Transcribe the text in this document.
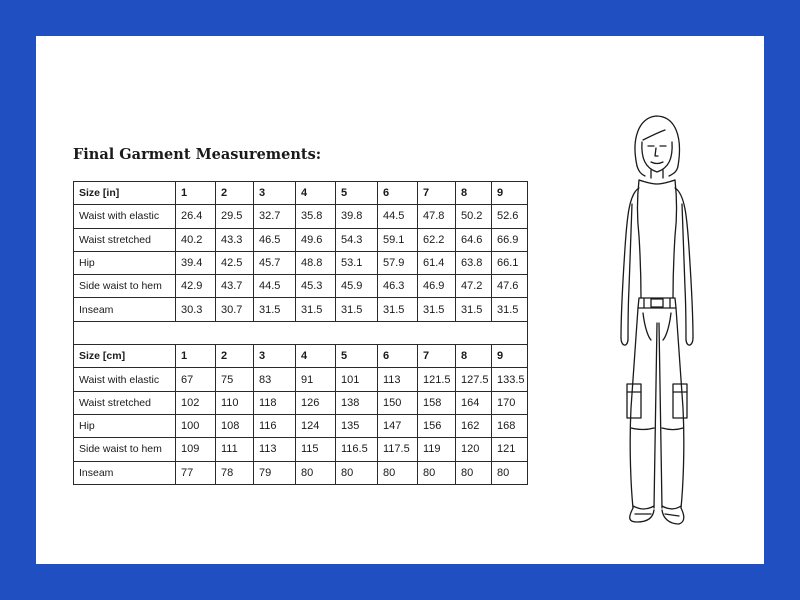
Final Garment Measurements:
Size [in]	1	2	3	4	5	6	7	8	9
Waist with elastic	26.4	29.5	32.7	35.8	39.8	44.5	47.8	50.2	52.6
Waist stretched	40.2	43.3	46.5	49.6	54.3	59.1	62.2	64.6	66.9
Hip	39.4	42.5	45.7	48.8	53.1	57.9	61.4	63.8	66.1
Side waist to hem	42.9	43.7	44.5	45.3	45.9	46.3	46.9	47.2	47.6
Inseam	30.3	30.7	31.5	31.5	31.5	31.5	31.5	31.5	31.5

Size [cm]	1	2	3	4	5	6	7	8	9
Waist with elastic	67	75	83	91	101	113	121.5	127.5	133.5
Waist stretched	102	110	118	126	138	150	158	164	170
Hip	100	108	116	124	135	147	156	162	168
Side waist to hem	109	111	113	115	116.5	117.5	119	120	121
Inseam	77	78	79	80	80	80	80	80	80
